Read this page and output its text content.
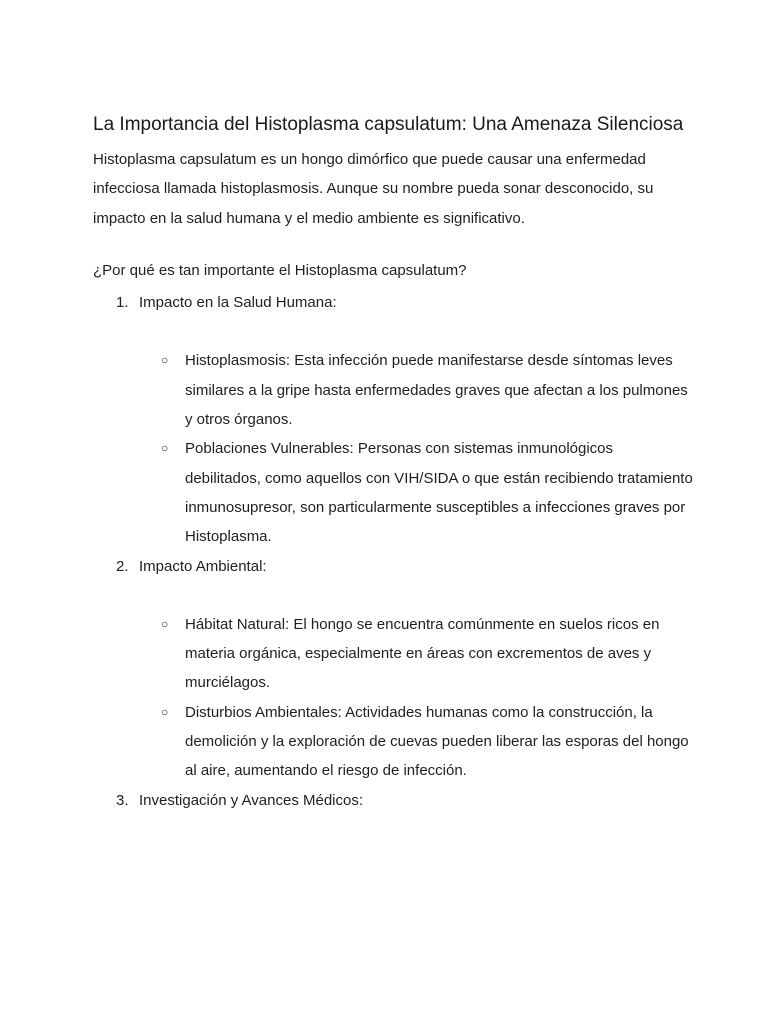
La Importancia del Histoplasma capsulatum: Una Amenaza Silenciosa

Histoplasma capsulatum es un hongo dimórfico que puede causar una enfermedad infecciosa llamada histoplasmosis. Aunque su nombre pueda sonar desconocido, su impacto en la salud humana y el medio ambiente es significativo.

¿Por qué es tan importante el Histoplasma capsulatum?

1. Impacto en la Salud Humana:
○ Histoplasmosis: Esta infección puede manifestarse desde síntomas leves similares a la gripe hasta enfermedades graves que afectan a los pulmones y otros órganos.
○ Poblaciones Vulnerables: Personas con sistemas inmunológicos debilitados, como aquellos con VIH/SIDA o que están recibiendo tratamiento inmunosupresor, son particularmente susceptibles a infecciones graves por Histoplasma.
2. Impacto Ambiental:
○ Hábitat Natural: El hongo se encuentra comúnmente en suelos ricos en materia orgánica, especialmente en áreas con excrementos de aves y murciélagos.
○ Disturbios Ambientales: Actividades humanas como la construcción, la demolición y la exploración de cuevas pueden liberar las esporas del hongo al aire, aumentando el riesgo de infección.
3. Investigación y Avances Médicos:
